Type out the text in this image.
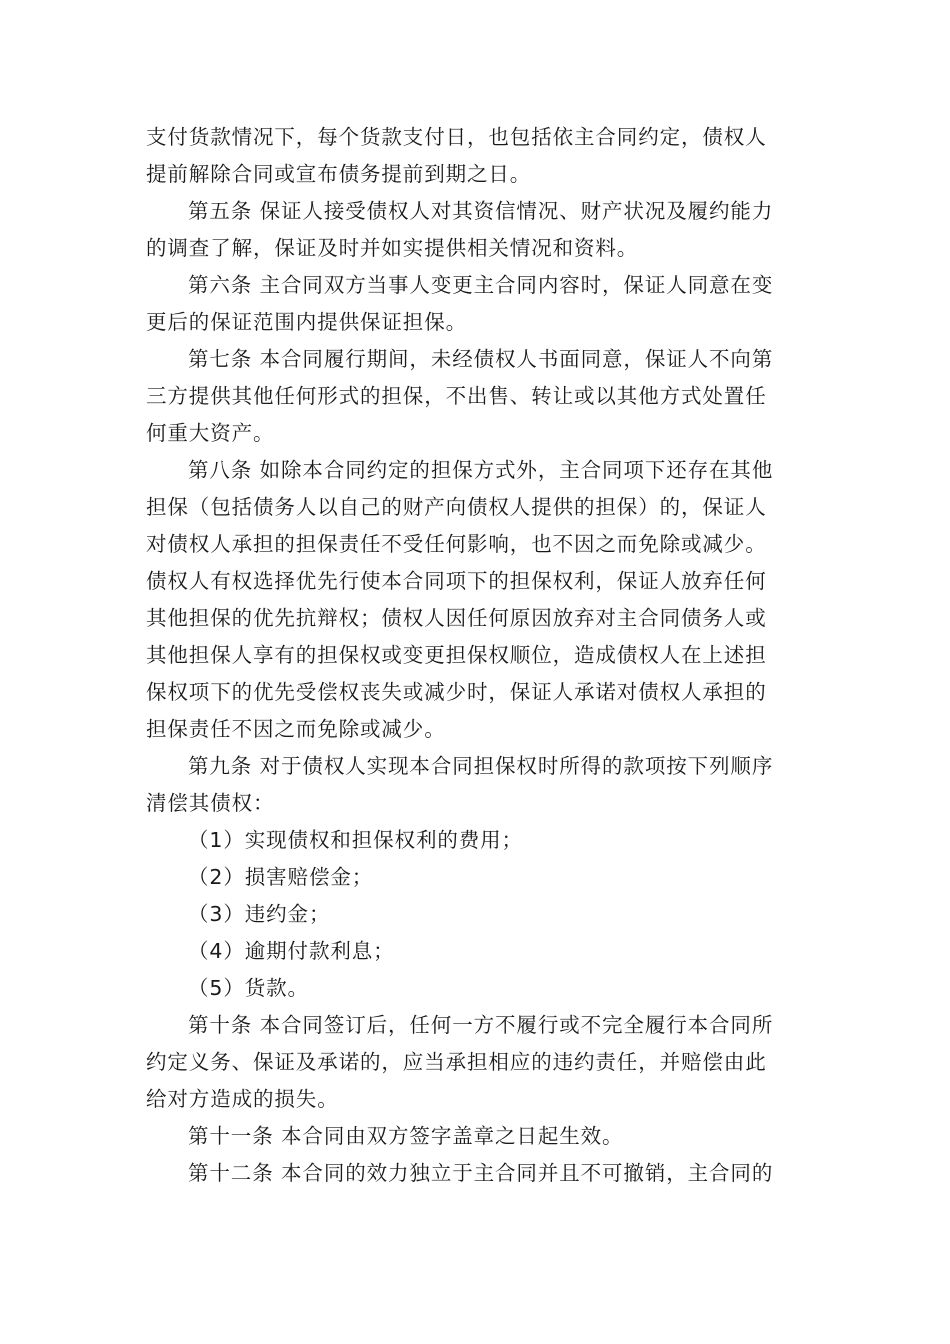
支付货款情况下，每个货款支付日，也包括依主合同约定，债权人
提前解除合同或宣布债务提前到期之日。
第五条 保证人接受债权人对其资信情况、财产状况及履约能力
的调查了解，保证及时并如实提供相关情况和资料。
第六条 主合同双方当事人变更主合同内容时，保证人同意在变
更后的保证范围内提供保证担保。
第七条 本合同履行期间，未经债权人书面同意，保证人不向第
三方提供其他任何形式的担保，不出售、转让或以其他方式处置任
何重大资产。
第八条 如除本合同约定的担保方式外，主合同项下还存在其他
担保（包括债务人以自己的财产向债权人提供的担保）的，保证人
对债权人承担的担保责任不受任何影响，也不因之而免除或减少。
债权人有权选择优先行使本合同项下的担保权利，保证人放弃任何
其他担保的优先抗辩权；债权人因任何原因放弃对主合同债务人或
其他担保人享有的担保权或变更担保权顺位，造成债权人在上述担
保权项下的优先受偿权丧失或减少时，保证人承诺对债权人承担的
担保责任不因之而免除或减少。
第九条 对于债权人实现本合同担保权时所得的款项按下列顺序
清偿其债权：
（1）实现债权和担保权利的费用；
（2）损害赔偿金；
（3）违约金；
（4）逾期付款利息；
（5）货款。
第十条 本合同签订后，任何一方不履行或不完全履行本合同所
约定义务、保证及承诺的，应当承担相应的违约责任，并赔偿由此
给对方造成的损失。
第十一条 本合同由双方签字盖章之日起生效。
第十二条 本合同的效力独立于主合同并且不可撤销，主合同的
